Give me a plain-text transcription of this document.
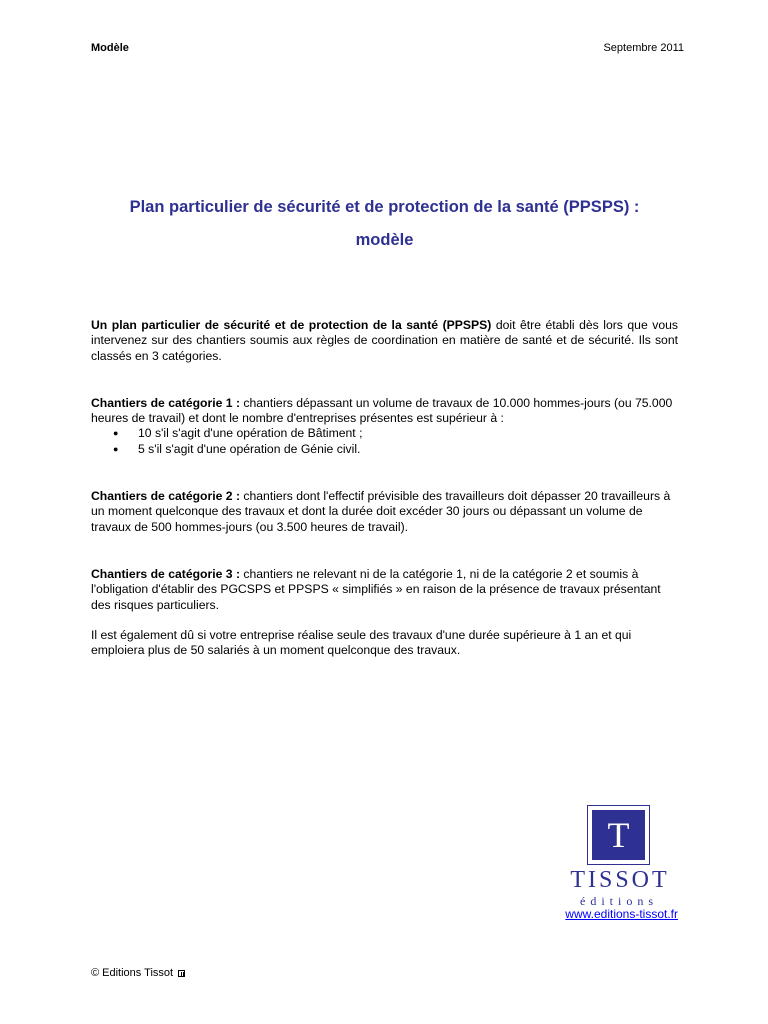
Modèle	Septembre 2011
Plan particulier de sécurité et de protection de la santé (PPSPS) :
modèle

Un plan particulier de sécurité et de protection de la santé (PPSPS) doit être établi dès lors que vous intervenez sur des chantiers soumis aux règles de coordination en matière de santé et de sécurité. Ils sont classés en 3 catégories.

Chantiers de catégorie 1 : chantiers dépassant un volume de travaux de 10.000 hommes-jours (ou 75.000 heures de travail) et dont le nombre d'entreprises présentes est supérieur à :

● 10 s'il s'agit d'une opération de Bâtiment ;
● 5 s'il s'agit d'une opération de Génie civil.

Chantiers de catégorie 2 : chantiers dont l'effectif prévisible des travailleurs doit dépasser 20 travailleurs à un moment quelconque des travaux et dont la durée doit excéder 30 jours ou dépassant un volume de travaux de 500 hommes-jours (ou 3.500 heures de travail).

Chantiers de catégorie 3 : chantiers ne relevant ni de la catégorie 1, ni de la catégorie 2 et soumis à l'obligation d'établir des PGCSPS et PPSPS « simplifiés » en raison de la présence de travaux présentant des risques particuliers.

Il est également dû si votre entreprise réalise seule des travaux d'une durée supérieure à 1 an et qui emploiera plus de 50 salariés à un moment quelconque des travaux.

T
TISSOT
éditions
www.editions-tissot.fr
© Editions Tissot
